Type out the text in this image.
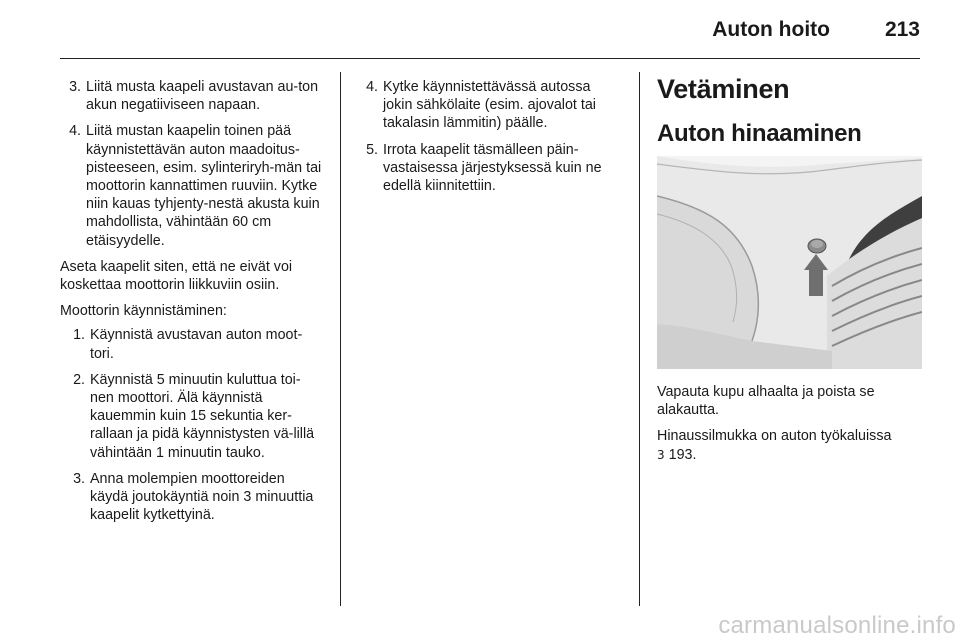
Auton hoito	213
3. Liitä musta kaapeli avustavan au-ton akun negatiiviseen napaan.
4. Liitä mustan kaapelin toinen pää käynnistettävän auton maadoitus-pisteeseen, esim. sylinteriryh-män tai moottorin kannattimen ruuviin. Kytke niin kauas tyhjenty-nestä akusta kuin mahdollista, vähintään 60 cm etäisyydelle.

Aseta kaapelit siten, että ne eivät voi koskettaa moottorin liikkuviin osiin.

Moottorin käynnistäminen:

1. Käynnistä avustavan auton moot-tori.
2. Käynnistä 5 minuutin kuluttua toi-nen moottori. Älä käynnistä kauemmin kuin 15 sekuntia ker-rallaan ja pidä käynnistysten vä-lillä vähintään 1 minuutin tauko.
3. Anna molempien moottoreiden käydä joutokäyntiä noin 3 minuuttia kaapelit kytkettyinä.
4. Kytke käynnistettävässä autossa jokin sähkölaite (esim. ajovalot tai takalasin lämmitin) päälle.
5. Irrota kaapelit täsmälleen päin-vastaisessa järjestyksessä kuin ne edellä kiinnitettiin.
Vetäminen
Auton hinaaminen

Vapauta kupu alhaalta ja poista se alakautta.

Hinaussilmukka on auton työkaluissa
3 193.

carmanualsonline.info
